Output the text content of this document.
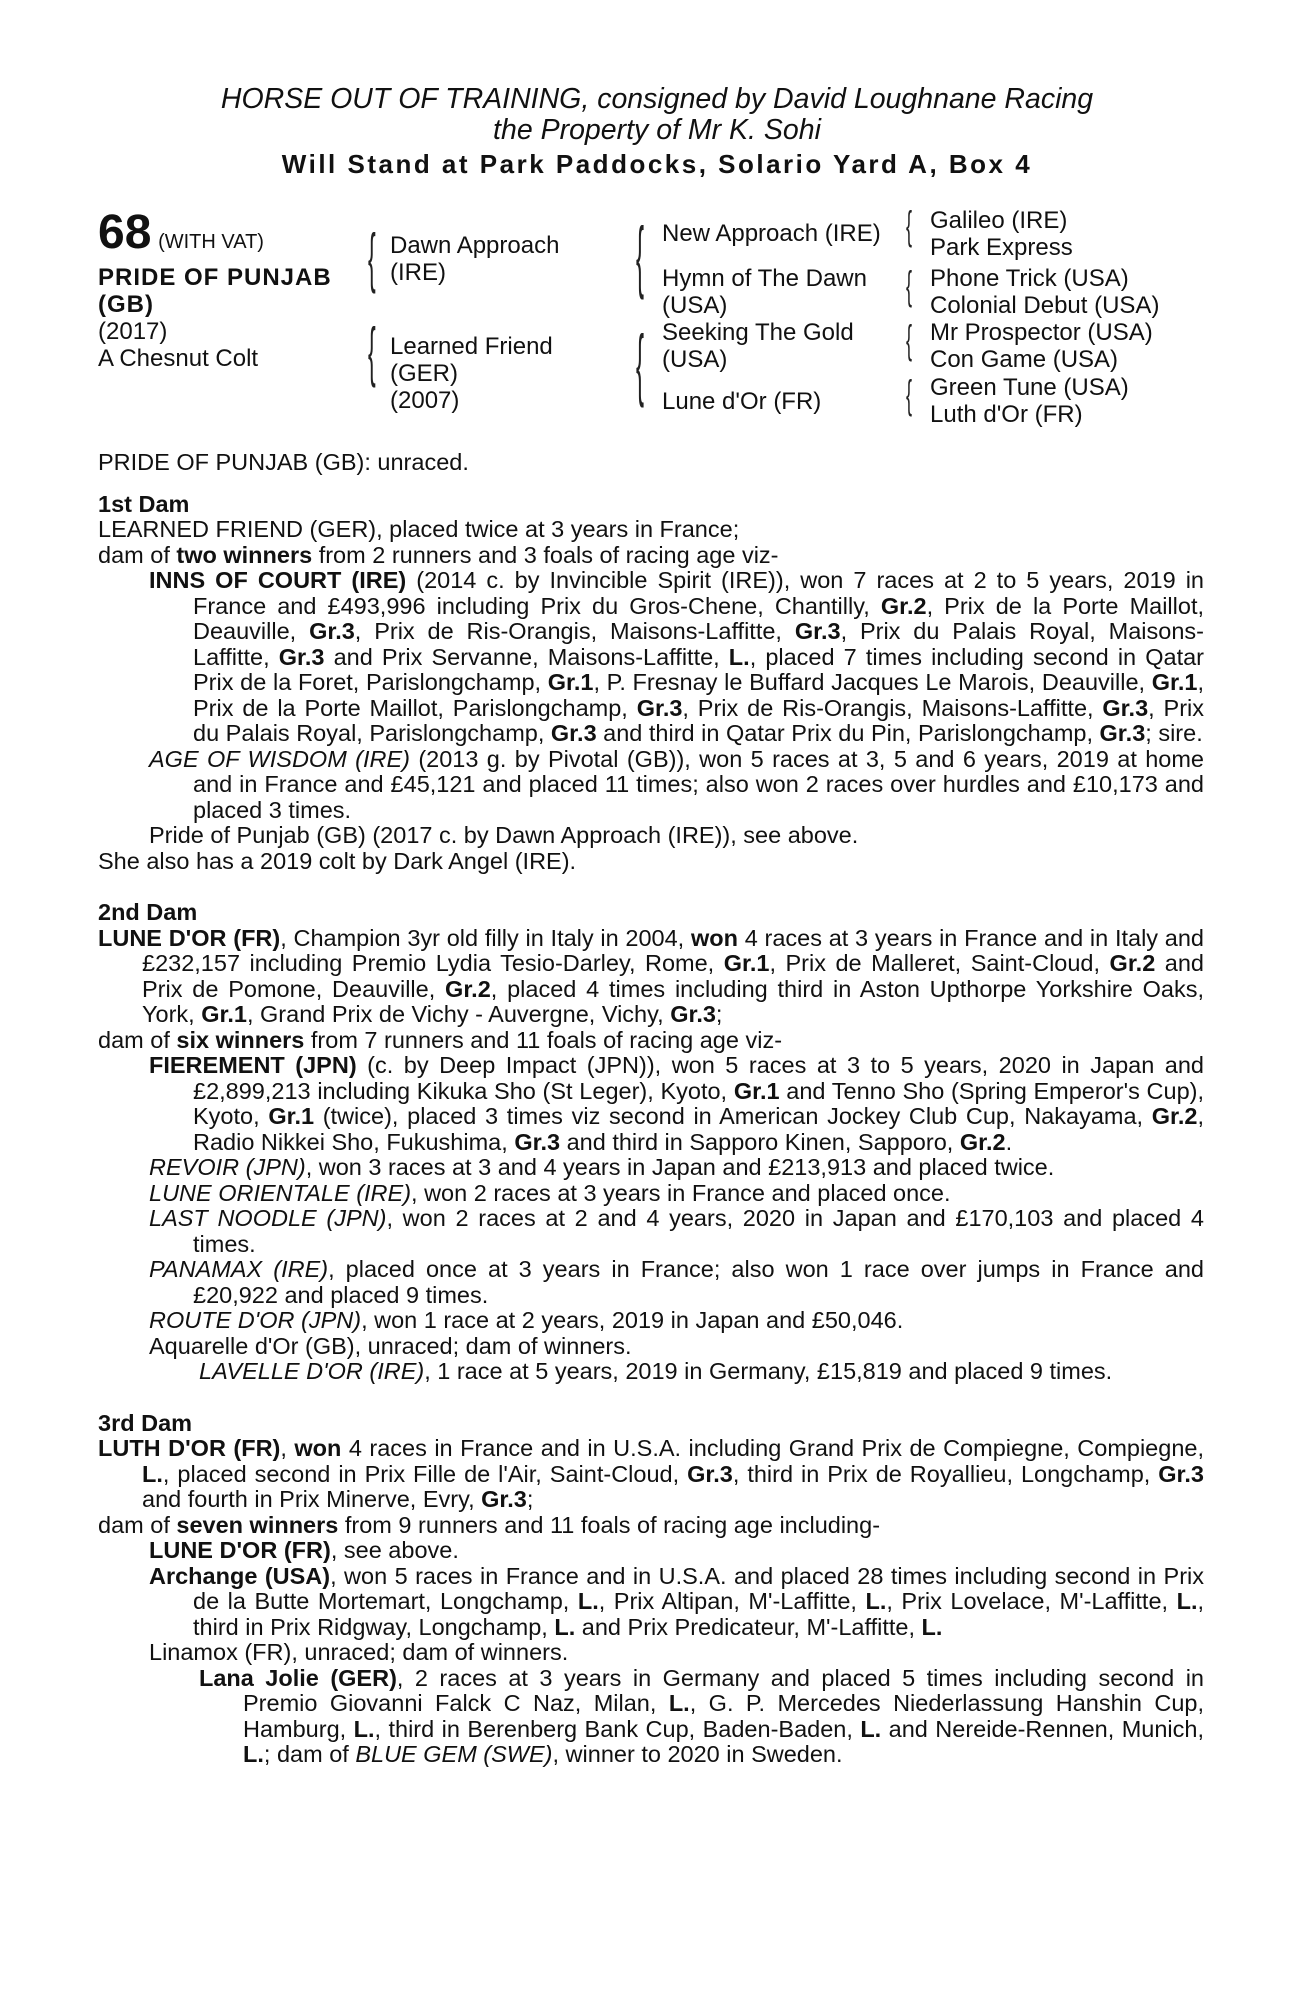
HORSE OUT OF TRAINING, consigned by David Loughnane Racing
the Property of Mr K. Sohi
Will Stand at Park Paddocks, Solario Yard A, Box 4
68 (WITH VAT)
PRIDE OF PUNJAB
(GB)
(2017)
A Chesnut Colt
{
{
Dawn Approach
(IRE)
Learned Friend
(GER)
(2007)
{
{
New Approach (IRE)
Hymn of The Dawn
(USA)
Seeking The Gold
(USA)
Lune d'Or (FR)
{
{
{
{
Galileo (IRE)
Park Express
Phone Trick (USA)
Colonial Debut (USA)
Mr Prospector (USA)
Con Game (USA)
Green Tune (USA)
Luth d'Or (FR)

PRIDE OF PUNJAB (GB): unraced.

1st Dam

LEARNED FRIEND (GER), placed twice at 3 years in France;

dam of two winners from 2 runners and 3 foals of racing age viz-

INNS OF COURT (IRE) (2014 c. by Invincible Spirit (IRE)), won 7 races at 2 to 5 years, 2019 in France and £493,996 including Prix du Gros-Chene, Chantilly, Gr.2, Prix de la Porte Maillot, Deauville, Gr.3, Prix de Ris-Orangis, Maisons-Laffitte, Gr.3, Prix du Palais Royal, Maisons-Laffitte, Gr.3 and Prix Servanne, Maisons-Laffitte, L., placed 7 times including second in Qatar Prix de la Foret, Parislongchamp, Gr.1, P. Fresnay le Buffard Jacques Le Marois, Deauville, Gr.1, Prix de la Porte Maillot, Parislongchamp, Gr.3, Prix de Ris-Orangis, Maisons-Laffitte, Gr.3, Prix du Palais Royal, Parislongchamp, Gr.3 and third in Qatar Prix du Pin, Parislongchamp, Gr.3; sire.

AGE OF WISDOM (IRE) (2013 g. by Pivotal (GB)), won 5 races at 3, 5 and 6 years, 2019 at home and in France and £45,121 and placed 11 times; also won 2 races over hurdles and £10,173 and placed 3 times.

Pride of Punjab (GB) (2017 c. by Dawn Approach (IRE)), see above.

She also has a 2019 colt by Dark Angel (IRE).

2nd Dam

LUNE D'OR (FR), Champion 3yr old filly in Italy in 2004, won 4 races at 3 years in France and in Italy and £232,157 including Premio Lydia Tesio-Darley, Rome, Gr.1, Prix de Malleret, Saint-Cloud, Gr.2 and Prix de Pomone, Deauville, Gr.2, placed 4 times including third in Aston Upthorpe Yorkshire Oaks, York, Gr.1, Grand Prix de Vichy - Auvergne, Vichy, Gr.3;

dam of six winners from 7 runners and 11 foals of racing age viz-

FIEREMENT (JPN) (c. by Deep Impact (JPN)), won 5 races at 3 to 5 years, 2020 in Japan and £2,899,213 including Kikuka Sho (St Leger), Kyoto, Gr.1 and Tenno Sho (Spring Emperor's Cup), Kyoto, Gr.1 (twice), placed 3 times viz second in American Jockey Club Cup, Nakayama, Gr.2, Radio Nikkei Sho, Fukushima, Gr.3 and third in Sapporo Kinen, Sapporo, Gr.2.

REVOIR (JPN), won 3 races at 3 and 4 years in Japan and £213,913 and placed twice.

LUNE ORIENTALE (IRE), won 2 races at 3 years in France and placed once.

LAST NOODLE (JPN), won 2 races at 2 and 4 years, 2020 in Japan and £170,103 and placed 4 times.

PANAMAX (IRE), placed once at 3 years in France; also won 1 race over jumps in France and £20,922 and placed 9 times.

ROUTE D'OR (JPN), won 1 race at 2 years, 2019 in Japan and £50,046.

Aquarelle d'Or (GB), unraced; dam of winners.

LAVELLE D'OR (IRE), 1 race at 5 years, 2019 in Germany, £15,819 and placed 9 times.

3rd Dam

LUTH D'OR (FR), won 4 races in France and in U.S.A. including Grand Prix de Compiegne, Compiegne, L., placed second in Prix Fille de l'Air, Saint-Cloud, Gr.3, third in Prix de Royallieu, Longchamp, Gr.3 and fourth in Prix Minerve, Evry, Gr.3;

dam of seven winners from 9 runners and 11 foals of racing age including-

LUNE D'OR (FR), see above.

Archange (USA), won 5 races in France and in U.S.A. and placed 28 times including second in Prix de la Butte Mortemart, Longchamp, L., Prix Altipan, M'-Laffitte, L., Prix Lovelace, M'-Laffitte, L., third in Prix Ridgway, Longchamp, L. and Prix Predicateur, M'-Laffitte, L.

Linamox (FR), unraced; dam of winners.

Lana Jolie (GER), 2 races at 3 years in Germany and placed 5 times including second in Premio Giovanni Falck C Naz, Milan, L., G. P. Mercedes Niederlassung Hanshin Cup, Hamburg, L., third in Berenberg Bank Cup, Baden-Baden, L. and Nereide-Rennen, Munich, L.; dam of BLUE GEM (SWE), winner to 2020 in Sweden.
